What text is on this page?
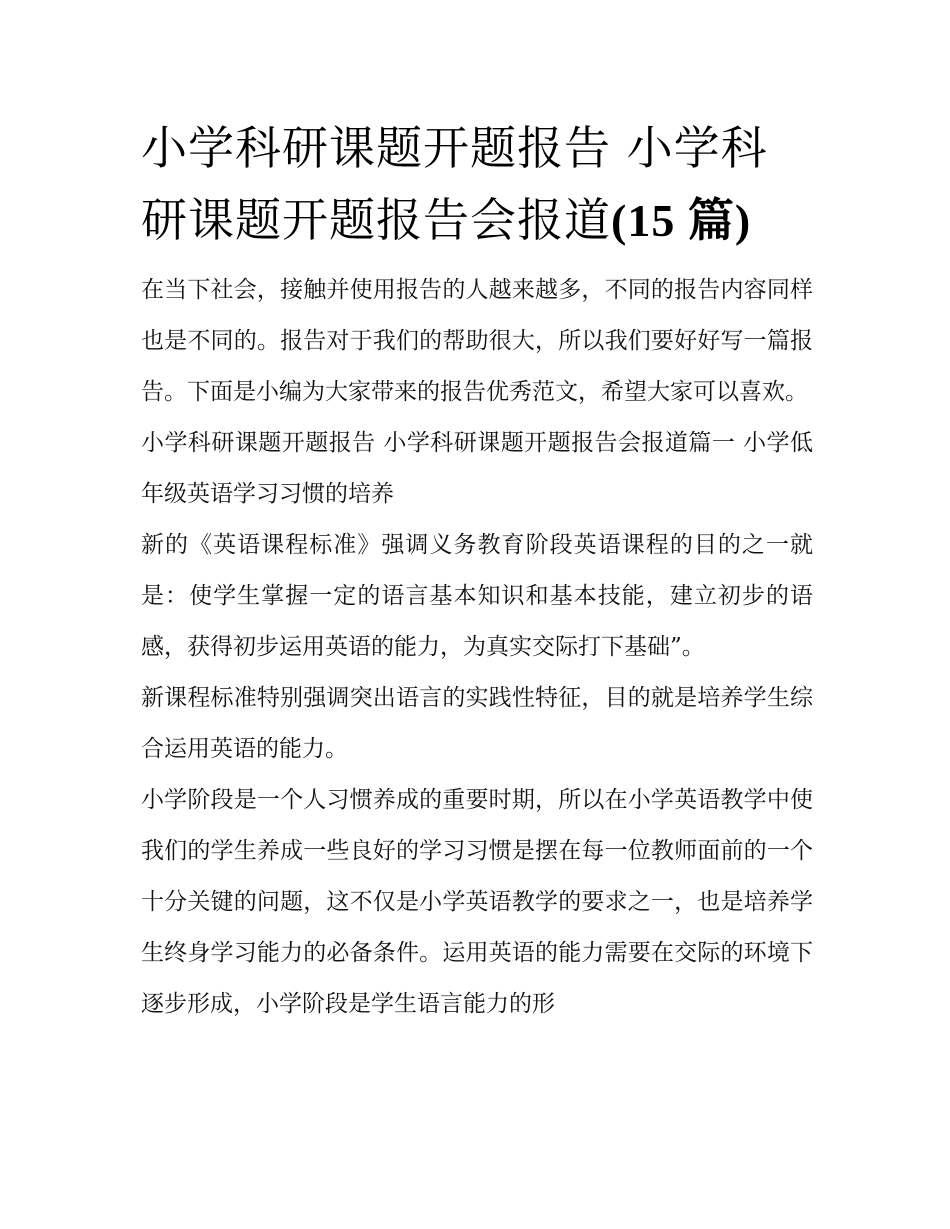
小学科研课题开题报告 小学科研课题开题报告会报道(15 篇)

在当下社会，接触并使用报告的人越来越多，不同的报告内容同样也是不同的。报告对于我们的帮助很大，所以我们要好好写一篇报告。下面是小编为大家带来的报告优秀范文，希望大家可以喜欢。

小学科研课题开题报告 小学科研课题开题报告会报道篇一 小学低年级英语学习习惯的培养

新的《英语课程标准》强调义务教育阶段英语课程的目的之一就是：使学生掌握一定的语言基本知识和基本技能，建立初步的语感，获得初步运用英语的能力，为真实交际打下基础”。

新课程标准特别强调突出语言的实践性特征，目的就是培养学生综合运用英语的能力。

小学阶段是一个人习惯养成的重要时期，所以在小学英语教学中使我们的学生养成一些良好的学习习惯是摆在每一位教师面前的一个十分关键的问题，这不仅是小学英语教学的要求之一，也是培养学生终身学习能力的必备条件。运用英语的能力需要在交际的环境下逐步形成，小学阶段是学生语言能力的形
